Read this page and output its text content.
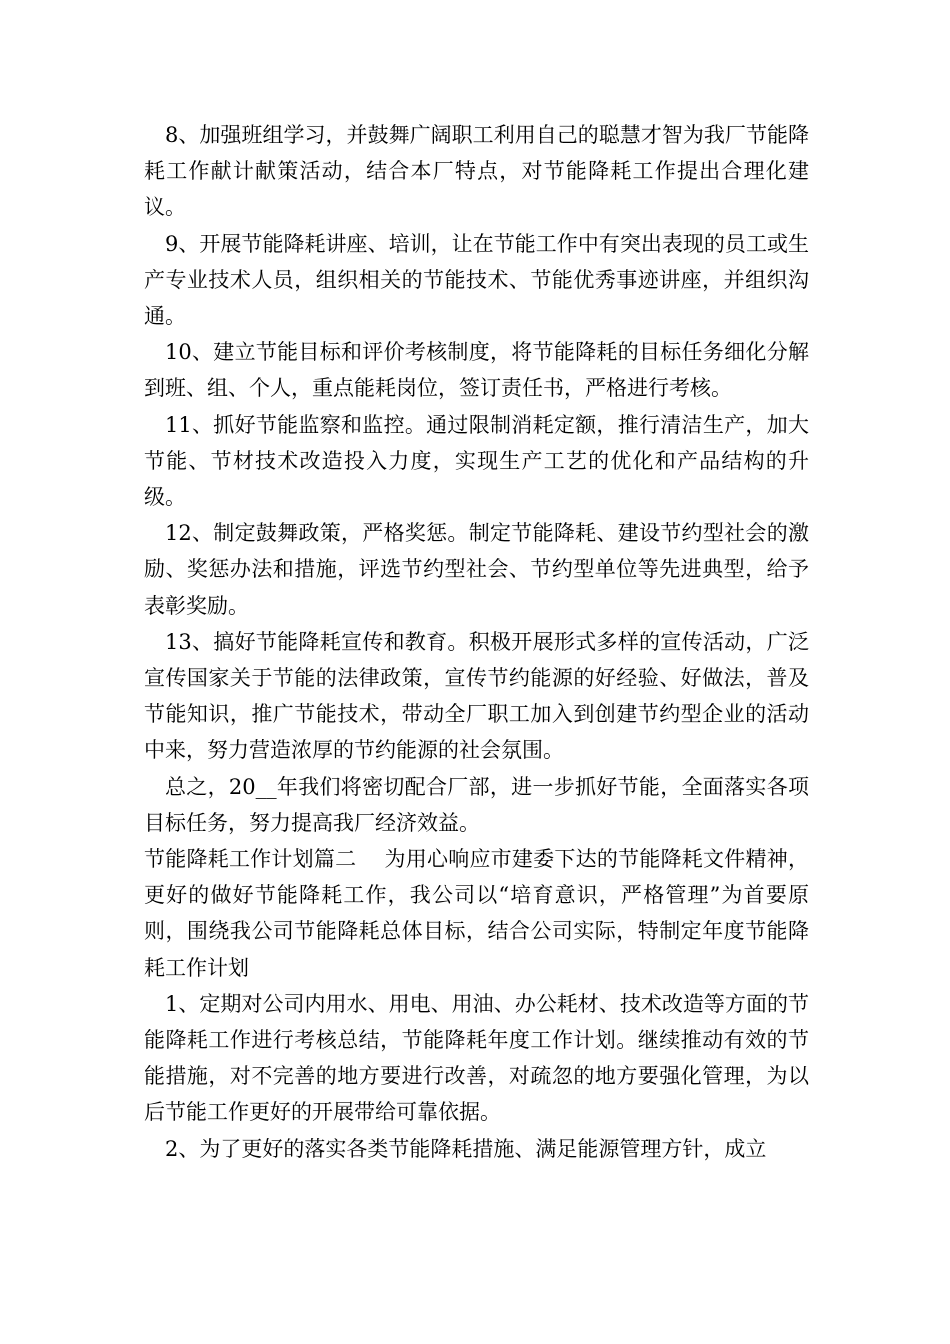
8、加强班组学习，并鼓舞广阔职工利用自己的聪慧才智为我厂节能降耗工作献计献策活动，结合本厂特点，对节能降耗工作提出合理化建议。

9、开展节能降耗讲座、培训，让在节能工作中有突出表现的员工或生产专业技术人员，组织相关的节能技术、节能优秀事迹讲座，并组织沟通。

10、建立节能目标和评价考核制度，将节能降耗的目标任务细化分解到班、组、个人，重点能耗岗位，签订责任书，严格进行考核。

11、抓好节能监察和监控。通过限制消耗定额，推行清洁生产，加大节能、节材技术改造投入力度，实现生产工艺的优化和产品结构的升级。

12、制定鼓舞政策，严格奖惩。制定节能降耗、建设节约型社会的激励、奖惩办法和措施，评选节约型社会、节约型单位等先进典型，给予表彰奖励。

13、搞好节能降耗宣传和教育。积极开展形式多样的宣传活动，广泛宣传国家关于节能的法律政策，宣传节约能源的好经验、好做法，普及节能知识，推广节能技术，带动全厂职工加入到创建节约型企业的活动中来，努力营造浓厚的节约能源的社会氛围。

总之，20__年我们将密切配合厂部，进一步抓好节能，全面落实各项目标任务，努力提高我厂经济效益。

节能降耗工作计划篇二　 为用心响应市建委下达的节能降耗文件精神，更好的做好节能降耗工作，我公司以“培育意识，严格管理”为首要原则，围绕我公司节能降耗总体目标，结合公司实际，特制定年度节能降耗工作计划

1、定期对公司内用水、用电、用油、办公耗材、技术改造等方面的节能降耗工作进行考核总结，节能降耗年度工作计划。继续推动有效的节能措施，对不完善的地方要进行改善，对疏忽的地方要强化管理，为以后节能工作更好的开展带给可靠依据。

2、为了更好的落实各类节能降耗措施、满足能源管理方针，成立
